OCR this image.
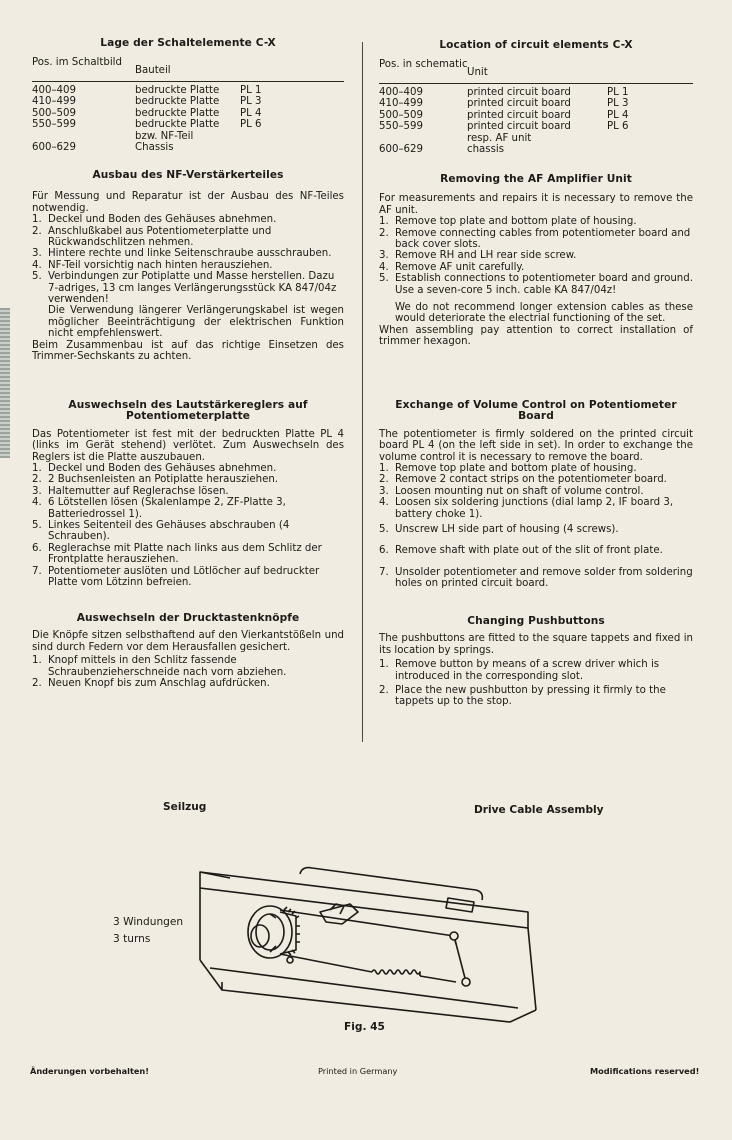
Lage der Schaltelemente C-X
Pos. im Schaltbild
Bauteil
400–409	bedruckte Platte PL 1
410–499	bedruckte Platte PL 3
500–509	bedruckte Platte PL 4
550–599	bedruckte Platte PL 6
bzw. NF-Teil
600–629	Chassis
Ausbau des NF-Verstärkerteiles

Für Messung und Reparatur ist der Ausbau des NF-Teiles notwendig.

1. Deckel und Boden des Gehäuses abnehmen.
2. Anschlußkabel aus Potentiometerplatte und Rückwandschlitzen nehmen.
3. Hintere rechte und linke Seitenschraube ausschrauben.
4. NF-Teil vorsichtig nach hinten herausziehen.
5. Verbindungen zur Potiplatte und Masse herstellen. Dazu 7-adriges, 13 cm langes Verlängerungsstück KA 847/04z verwenden!

Die Verwendung längerer Verlängerungskabel ist wegen möglicher Beeinträchtigung der elektrischen Funktion nicht empfehlenswert.

Beim Zusammenbau ist auf das richtige Einsetzen des Trimmer-Sechskants zu achten.

Auswechseln des Lautstärkereglers auf Potentiometerplatte

Das Potentiometer ist fest mit der bedruckten Platte PL 4 (links im Gerät stehend) verlötet. Zum Auswechseln des Reglers ist die Platte auszubauen.

1. Deckel und Boden des Gehäuses abnehmen.
2. 2 Buchsenleisten an Potiplatte herausziehen.
3. Haltemutter auf Reglerachse lösen.
4. 6 Lötstellen lösen (Skalenlampe 2, ZF-Platte 3, Batteriedrossel 1).
5. Linkes Seitenteil des Gehäuses abschrauben (4 Schrauben).
6. Reglerachse mit Platte nach links aus dem Schlitz der Frontplatte herausziehen.
7. Potentiometer auslöten und Lötlöcher auf bedruckter Platte vom Lötzinn befreien.
Auswechseln der Drucktastenknöpfe

Die Knöpfe sitzen selbsthaftend auf den Vierkantstößeln und sind durch Federn vor dem Herausfallen gesichert.

1. Knopf mittels in den Schlitz fassende Schraubenzieherschneide nach vorn abziehen.
2. Neuen Knopf bis zum Anschlag aufdrücken.
Location of circuit elements C-X
Pos. in schematic
Unit
400–409	printed circuit board	PL 1
410–499	printed circuit board	PL 3
500–509	printed circuit board	PL 4
550–599	printed circuit board	PL 6
resp. AF unit
600–629	chassis
Removing the AF Amplifier Unit

For measurements and repairs it is necessary to remove the AF unit.

1. Remove top plate and bottom plate of housing.
2. Remove connecting cables from potentiometer board and back cover slots.
3. Remove RH and LH rear side screw.
4. Remove AF unit carefully.
5. Establish connections to potentiometer board and ground. Use a seven-core 5 inch. cable KA 847/04z!

We do not recommend longer extension cables as these would deteriorate the electrial functioning of the set.

When assembling pay attention to correct installation of trimmer hexagon.

Exchange of Volume Control on Potentiometer Board

The potentiometer is firmly soldered on the printed circuit board PL 4 (on the left side in set). In order to exchange the volume control it is necessary to remove the board.

1. Remove top plate and bottom plate of housing.
2. Remove 2 contact strips on the potentiometer board.
3. Loosen mounting nut on shaft of volume control.
4. Loosen six soldering junctions (dial lamp 2, IF board 3, battery choke 1).
5. Unscrew LH side part of housing (4 screws).
6. Remove shaft with plate out of the slit of front plate.
7. Unsolder potentiometer and remove solder from soldering holes on printed circuit board.
Changing Pushbuttons

The pushbuttons are fitted to the square tappets and fixed in its location by springs.

1. Remove button by means of a screw driver which is introduced in the corresponding slot.
2. Place the new pushbutton by pressing it firmly to the tappets up to the stop.
Seilzug	Drive Cable Assembly
3 Windungen
3 turns
Fig. 45
Änderungen vorbehalten!	Printed in Germany	Modifications reserved!
